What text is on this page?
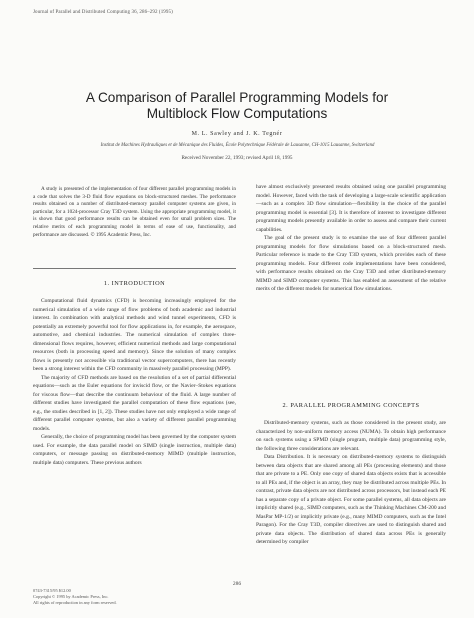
Journal of Parallel and Distributed Computing 36, 286–292 (1995)
A Comparison of Parallel Programming Models for
Multiblock Flow Computations
M. L. Sawley and J. K. Tegnér
Institut de Machines Hydrauliques et de Mécanique des Fluides, École Polytechnique Fédérale de Lausanne, CH-1015 Lausanne, Switzerland
Received November 22, 1993; revised April 18, 1995

A study is presented of the implementation of four different parallel programming models in a code that solves the 3-D fluid flow equations on block-structured meshes. The performance results obtained on a number of distributed-memory parallel computer systems are given, in particular, for a 1024-processor Cray T3D system. Using the appropriate programming model, it is shown that good performance results can be obtained even for small problem sizes. The relative merits of each programming model in terms of ease of use, functionality, and performance are discussed. © 1995 Academic Press, Inc.

1. INTRODUCTION

Computational fluid dynamics (CFD) is becoming increasingly employed for the numerical simulation of a wide range of flow problems of both academic and industrial interest. In combination with analytical methods and wind tunnel experiments, CFD is potentially an extremely powerful tool for flow applications in, for example, the aerospace, automotive, and chemical industries. The numerical simulation of complex three-dimensional flows requires, however, efficient numerical methods and large computational resources (both in processing speed and memory). Since the solution of many complex flows is presently not accessible via traditional vector supercomputers, there has recently been a strong interest within the CFD community in massively parallel processing (MPP).

The majority of CFD methods are based on the resolution of a set of partial differential equations—such as the Euler equations for inviscid flow, or the Navier–Stokes equations for viscous flow—that describe the continuum behaviour of the fluid. A large number of different studies have investigated the parallel computation of these flow equations (see, e.g., the studies described in [1, 2]). These studies have not only employed a wide range of different parallel computer systems, but also a variety of different parallel programming models.

Generally, the choice of programming model has been governed by the computer system used. For example, the data parallel model on SIMD (single instruction, multiple data) computers, or message passing on distributed-memory MIMD (multiple instruction, multiple data) computers. These previous authors

have almost exclusively presented results obtained using one parallel programming model. However, faced with the task of developing a large-scale scientific application—such as a complex 3D flow simulation—flexibility in the choice of the parallel programming model is essential [3]. It is therefore of interest to investigate different programming models presently available in order to assess and compare their current capabilities.

The goal of the present study is to examine the use of four different parallel programming models for flow simulations based on a block-structured mesh. Particular reference is made to the Cray T3D system, which provides each of these programming models. Four different code implementations have been considered, with performance results obtained on the Cray T3D and other distributed-memory MIMD and SIMD computer systems. This has enabled an assessment of the relative merits of the different models for numerical flow simulations.

2. PARALLEL PROGRAMMING CONCEPTS

Distributed-memory systems, such as those considered in the present study, are characterized by non-uniform memory access (NUMA). To obtain high performance on such systems using a SPMD (single program, multiple data) programming style, the following three considerations are relevant.

Data Distribution. It is necessary on distributed-memory systems to distinguish between data objects that are shared among all PEs (processing elements) and those that are private to a PE. Only one copy of shared data objects exists that is accessible to all PEs and, if the object is an array, they may be distributed across multiple PEs. In contrast, private data objects are not distributed across processors, but instead each PE has a separate copy of a private object. For some parallel systems, all data objects are implicitly shared (e.g., SIMD computers, such as the Thinking Machines CM-200 and MasPar MP-1/2) or implicitly private (e.g., many MIMD computers, such as the Intel Paragon). For the Cray T3D, compiler directives are used to distinguish shared and private data objects. The distribution of shared data across PEs is generally determined by compiler

286
0743-7315/95 $12.00
Copyright © 1995 by Academic Press, Inc.
All rights of reproduction in any form reserved.
